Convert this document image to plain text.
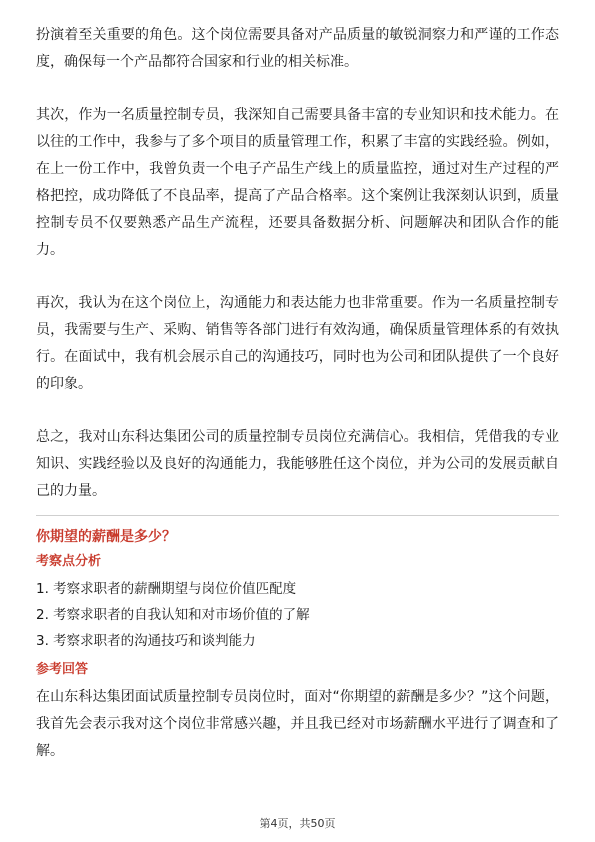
扮演着至关重要的角色。这个岗位需要具备对产品质量的敏锐洞察力和严谨的工作态度，确保每一个产品都符合国家和行业的相关标准。

其次，作为一名质量控制专员，我深知自己需要具备丰富的专业知识和技术能力。在以往的工作中，我参与了多个项目的质量管理工作，积累了丰富的实践经验。例如，在上一份工作中，我曾负责一个电子产品生产线上的质量监控，通过对生产过程的严格把控，成功降低了不良品率，提高了产品合格率。这个案例让我深刻认识到，质量控制专员不仅要熟悉产品生产流程，还要具备数据分析、问题解决和团队合作的能力。

再次，我认为在这个岗位上，沟通能力和表达能力也非常重要。作为一名质量控制专员，我需要与生产、采购、销售等各部门进行有效沟通，确保质量管理体系的有效执行。在面试中，我有机会展示自己的沟通技巧，同时也为公司和团队提供了一个良好的印象。

总之，我对山东科达集团公司的质量控制专员岗位充满信心。我相信，凭借我的专业知识、实践经验以及良好的沟通能力，我能够胜任这个岗位，并为公司的发展贡献自己的力量。

你期望的薪酬是多少？
考察点分析
1. 考察求职者的薪酬期望与岗位价值匹配度
2. 考察求职者的自我认知和对市场价值的了解
3. 考察求职者的沟通技巧和谈判能力
参考回答

在山东科达集团面试质量控制专员岗位时，面对“你期望的薪酬是多少？”这个问题，我首先会表示我对这个岗位非常感兴趣，并且我已经对市场薪酬水平进行了调查和了解。

第4页，共50页
